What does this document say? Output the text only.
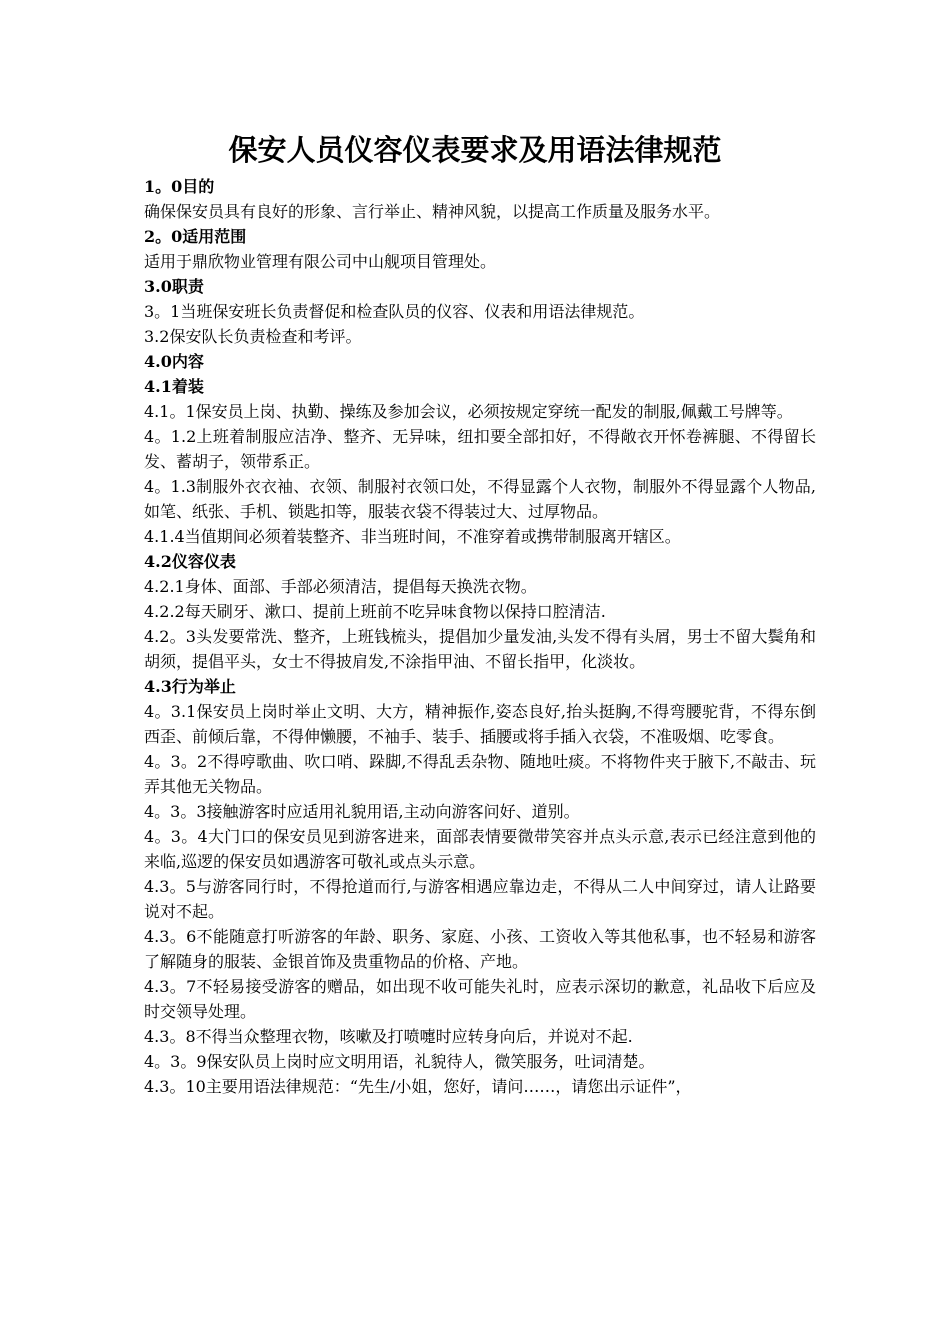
保安人员仪容仪表要求及用语法律规范

1。0目的

确保保安员具有良好的形象、言行举止、精神风貌，以提高工作质量及服务水平。

2。0适用范围

适用于鼎欣物业管理有限公司中山舰项目管理处。

3.0职责

3。1当班保安班长负责督促和检查队员的仪容、仪表和用语法律规范。

3.2保安队长负责检查和考评。

4.0内容

4.1着装

4.1。1保安员上岗、执勤、操练及参加会议，必须按规定穿统一配发的制服,佩戴工号牌等。

4。1.2上班着制服应洁净、整齐、无异味，纽扣要全部扣好，不得敞衣开怀卷裤腿、不得留长发、蓄胡子，领带系正。

4。1.3制服外衣衣袖、衣领、制服衬衣领口处，不得显露个人衣物，制服外不得显露个人物品,如笔、纸张、手机、锁匙扣等，服装衣袋不得装过大、过厚物品。

4.1.4当值期间必须着装整齐、非当班时间，不准穿着或携带制服离开辖区。

4.2仪容仪表

4.2.1身体、面部、手部必须清洁，提倡每天换洗衣物。

4.2.2每天刷牙、漱口、提前上班前不吃异味食物以保持口腔清洁.

4.2。3头发要常洗、整齐，上班钱梳头，提倡加少量发油,头发不得有头屑，男士不留大鬓角和胡须，提倡平头，女士不得披肩发,不涂指甲油、不留长指甲，化淡妆。

4.3行为举止

4。3.1保安员上岗时举止文明、大方，精神振作,姿态良好,抬头挺胸,不得弯腰驼背，不得东倒西歪、前倾后靠，不得伸懒腰，不袖手、装手、插腰或将手插入衣袋，不准吸烟、吃零食。

4。3。2不得哼歌曲、吹口哨、跺脚,不得乱丢杂物、随地吐痰。不将物件夹于腋下,不敲击、玩弄其他无关物品。

4。3。3接触游客时应适用礼貌用语,主动向游客问好、道别。

4。3。4大门口的保安员见到游客进来，面部表情要微带笑容并点头示意,表示已经注意到他的来临,巡逻的保安员如遇游客可敬礼或点头示意。

4.3。5与游客同行时，不得抢道而行,与游客相遇应靠边走，不得从二人中间穿过，请人让路要说对不起。

4.3。6不能随意打听游客的年龄、职务、家庭、小孩、工资收入等其他私事，也不轻易和游客了解随身的服装、金银首饰及贵重物品的价格、产地。

4.3。7不轻易接受游客的赠品，如出现不收可能失礼时，应表示深切的歉意，礼品收下后应及时交领导处理。

4.3。8不得当众整理衣物，咳嗽及打喷嚏时应转身向后，并说对不起.

4。3。9保安队员上岗时应文明用语，礼貌待人，微笑服务，吐词清楚。

4.3。10主要用语法律规范：“先生/小姐，您好，请问……，请您出示证件”，
